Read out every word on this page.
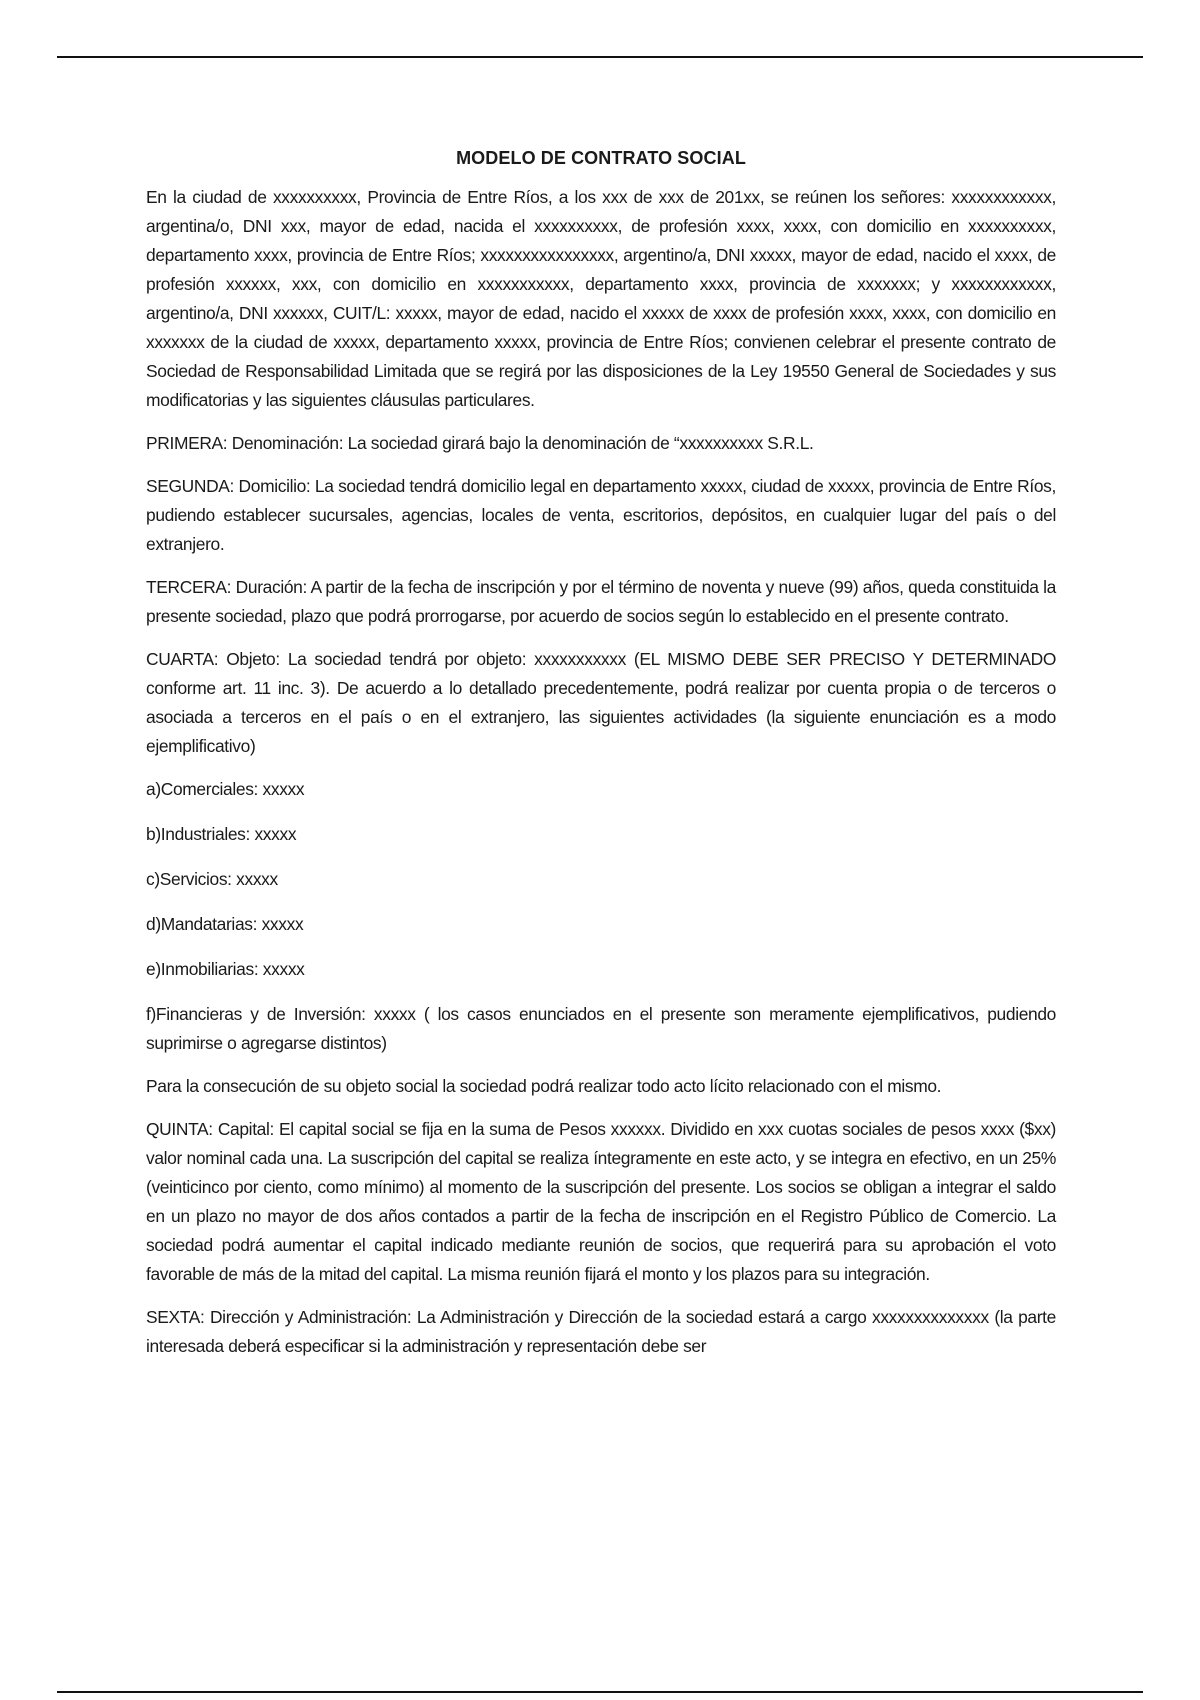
MODELO DE CONTRATO SOCIAL

En la ciudad de xxxxxxxxxx, Provincia de Entre Ríos, a los xxx de xxx de 201xx, se reúnen los señores: xxxxxxxxxxxx, argentina/o, DNI xxx, mayor de edad, nacida el xxxxxxxxxx, de profesión xxxx, xxxx, con domicilio en xxxxxxxxxx, departamento xxxx, provincia de Entre Ríos; xxxxxxxxxxxxxxxx, argentino/a, DNI xxxxx, mayor de edad, nacido el xxxx, de profesión xxxxxx, xxx, con domicilio en xxxxxxxxxxx, departamento xxxx, provincia de xxxxxxx; y xxxxxxxxxxxx, argentino/a, DNI xxxxxx, CUIT/L: xxxxx, mayor de edad, nacido el xxxxx de xxxx de profesión xxxx, xxxx, con domicilio en xxxxxxx de la ciudad de xxxxx, departamento xxxxx, provincia de Entre Ríos; convienen celebrar el presente contrato de Sociedad de Responsabilidad Limitada que se regirá por las disposiciones de la Ley 19550 General de Sociedades y sus modificatorias y las siguientes cláusulas particulares.

PRIMERA: Denominación: La sociedad girará bajo la denominación de “xxxxxxxxxx S.R.L.

SEGUNDA: Domicilio: La sociedad tendrá domicilio legal en departamento xxxxx, ciudad de xxxxx, provincia de Entre Ríos, pudiendo establecer sucursales, agencias, locales de venta, escritorios, depósitos, en cualquier lugar del país o del extranjero.

TERCERA: Duración: A partir de la fecha de inscripción y por el término de noventa y nueve (99) años, queda constituida la presente sociedad, plazo que podrá prorrogarse, por acuerdo de socios según lo establecido en el presente contrato.

CUARTA: Objeto: La sociedad tendrá por objeto: xxxxxxxxxxx (EL MISMO DEBE SER PRECISO Y DETERMINADO conforme art. 11 inc. 3). De acuerdo a lo detallado precedentemente, podrá realizar por cuenta propia o de terceros o asociada a terceros en el país o en el extranjero, las siguientes actividades (la siguiente enunciación es a modo ejemplificativo)

a)Comerciales: xxxxx

b)Industriales: xxxxx

c)Servicios: xxxxx

d)Mandatarias: xxxxx

e)Inmobiliarias: xxxxx

f)Financieras y de Inversión: xxxxx ( los casos enunciados en el presente son meramente ejemplificativos, pudiendo suprimirse o agregarse distintos)

Para la consecución de su objeto social la sociedad podrá realizar todo acto lícito relacionado con el mismo.

QUINTA: Capital: El capital social se fija en la suma de Pesos xxxxxx. Dividido en xxx cuotas sociales de pesos xxxx ($xx) valor nominal cada una. La suscripción del capital se realiza íntegramente en este acto, y se integra en efectivo, en un 25% (veinticinco por ciento, como mínimo) al momento de la suscripción del presente. Los socios se obligan a integrar el saldo en un plazo no mayor de dos años contados a partir de la fecha de inscripción en el Registro Público de Comercio. La sociedad podrá aumentar el capital indicado mediante reunión de socios, que requerirá para su aprobación el voto favorable de más de la mitad del capital. La misma reunión fijará el monto y los plazos para su integración.

SEXTA: Dirección y Administración: La Administración y Dirección de la sociedad estará a cargo xxxxxxxxxxxxxx (la parte interesada deberá especificar si la administración y representación debe ser
